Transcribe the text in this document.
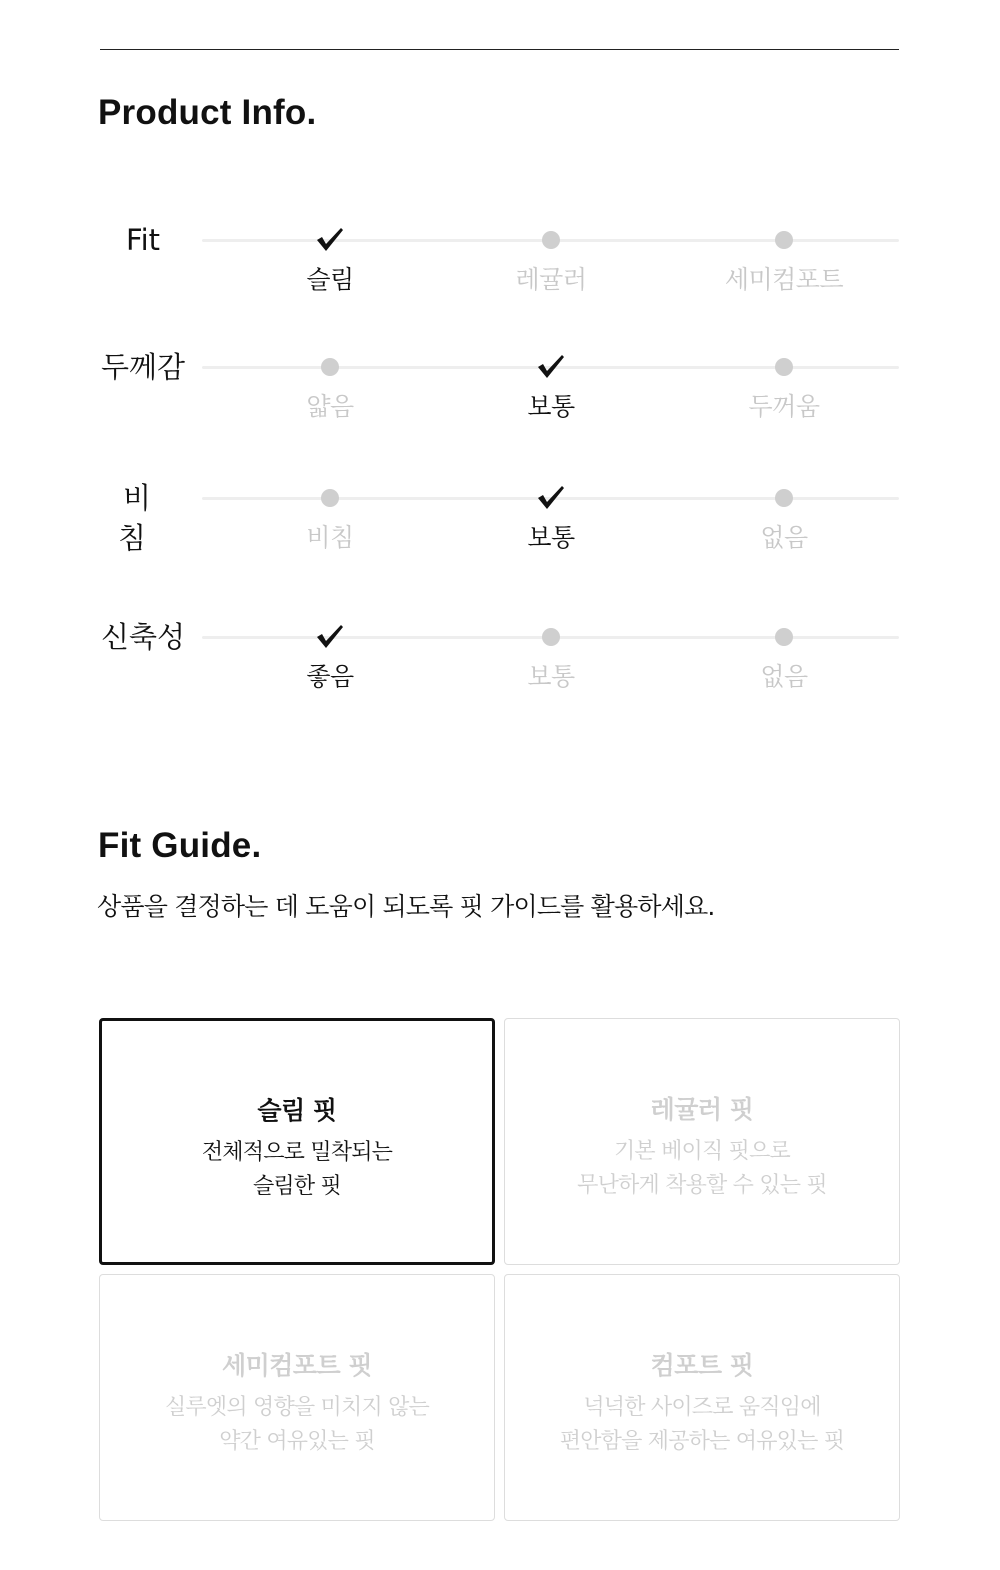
Product Info.
Fit
슬림	레귤러	세미컴포트
두께감
얇음	보통	두꺼움
비침	비침	보통	없음
신축성
좋음	보통	없음
Fit Guide.

상품을 결정하는 데 도움이 되도록 핏 가이드를 활용하세요.

슬림 핏
전체적으로 밀착되는
슬림한 핏
레귤러 핏
기본 베이직 핏으로
무난하게 착용할 수 있는 핏
세미컴포트 핏
실루엣의 영향을 미치지 않는
약간 여유있는 핏
컴포트 핏
넉넉한 사이즈로 움직임에
편안함을 제공하는 여유있는 핏
